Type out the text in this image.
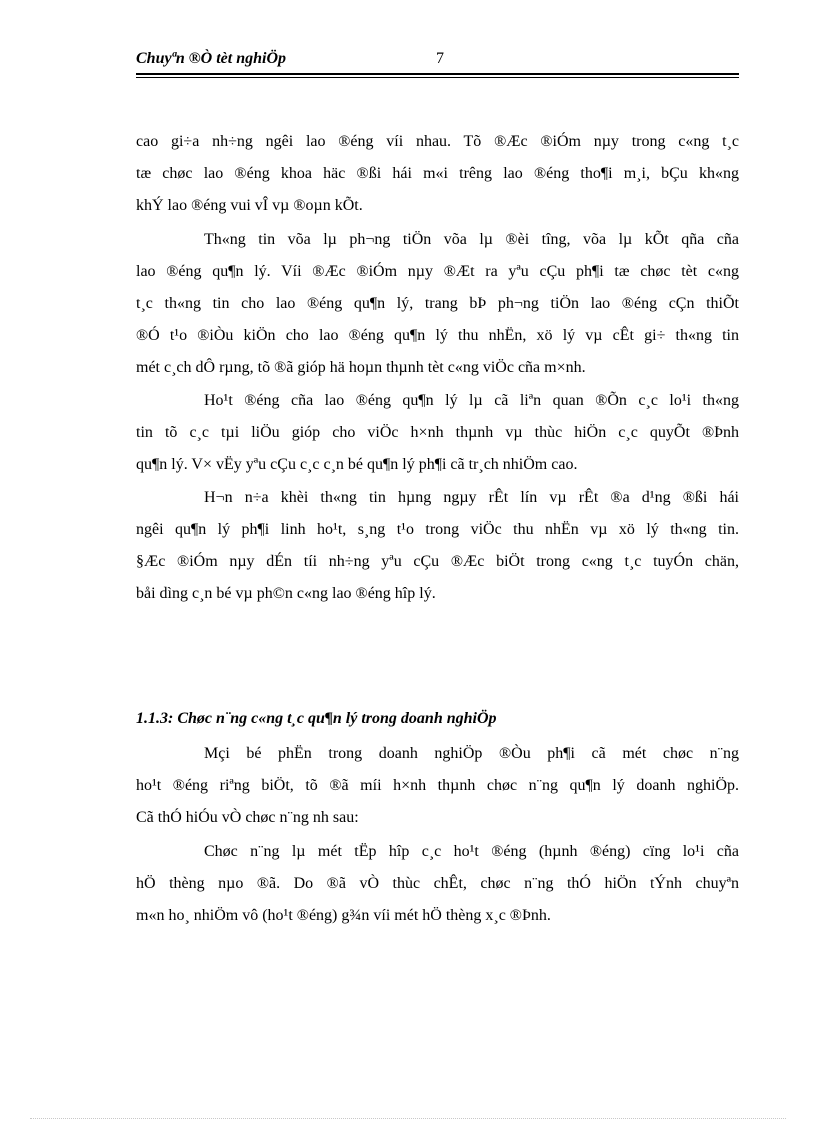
Chuyªn ®Ò tèt nghiÖp	7

cao gi÷a nh÷ng ngêi lao ®éng víi nhau. Tõ ®Æc ®iÓm nµy trong c«ng t¸c
tæ chøc lao ®éng khoa häc ®ßi hái m«i trêng lao ®éng tho¶i m¸i, bÇu kh«ng
khÝ lao ®éng vui vÎ vµ ®oµn kÕt.

Th«ng tin võa lµ ph¬ng tiÖn võa lµ ®èi tîng, võa lµ kÕt qña cña
lao ®éng qu¶n lý. Víi ®Æc ®iÓm nµy ®Æt ra yªu cÇu ph¶i tæ chøc tèt c«ng
t¸c th«ng tin cho lao ®éng qu¶n lý, trang bÞ ph¬ng tiÖn lao ®éng cÇn thiÕt
®Ó t¹o ®iÒu kiÖn cho lao ®éng qu¶n lý thu nhËn, xö lý vµ cÊt gi÷ th«ng tin
mét c¸ch dÔ rµng, tõ ®ã gióp hä hoµn thµnh tèt c«ng viÖc cña m×nh.

Ho¹t ®éng cña lao ®éng qu¶n lý lµ cã liªn quan ®Õn c¸c lo¹i th«ng
tin tõ c¸c tµi liÖu gióp cho viÖc h×nh thµnh vµ thùc hiÖn c¸c quyÕt ®Þnh
qu¶n lý. V× vËy yªu cÇu c¸c c¸n bé qu¶n lý ph¶i cã tr¸ch nhiÖm cao.

H¬n n÷a khèi th«ng tin hµng ngµy rÊt lín vµ rÊt ®a d¹ng ®ßi hái
ngêi qu¶n lý ph¶i linh ho¹t, s¸ng t¹o trong viÖc thu nhËn vµ xö lý th«ng tin.
§Æc ®iÓm nµy dÉn tíi nh÷ng yªu cÇu ®Æc biÖt trong c«ng t¸c tuyÓn chän,
båi dìng c¸n bé vµ ph©n c«ng lao ®éng hîp lý.

1.1.3: Chøc n¨ng c«ng t¸c qu¶n lý trong doanh nghiÖp

Mçi bé phËn trong doanh nghiÖp ®Òu ph¶i cã mét chøc n¨ng
ho¹t ®éng riªng biÖt, tõ ®ã míi h×nh thµnh chøc n¨ng qu¶n lý doanh nghiÖp.
Cã thÓ hiÓu vÒ chøc n¨ng nh sau:

Chøc n¨ng lµ mét tËp hîp c¸c ho¹t ®éng (hµnh ®éng) cïng lo¹i cña
hÖ thèng nµo ®ã. Do ®ã vÒ thùc chÊt, chøc n¨ng thÓ hiÖn tÝnh chuyªn
m«n ho¸ nhiÖm vô (ho¹t ®éng) g¾n víi mét hÖ thèng x¸c ®Þnh.
